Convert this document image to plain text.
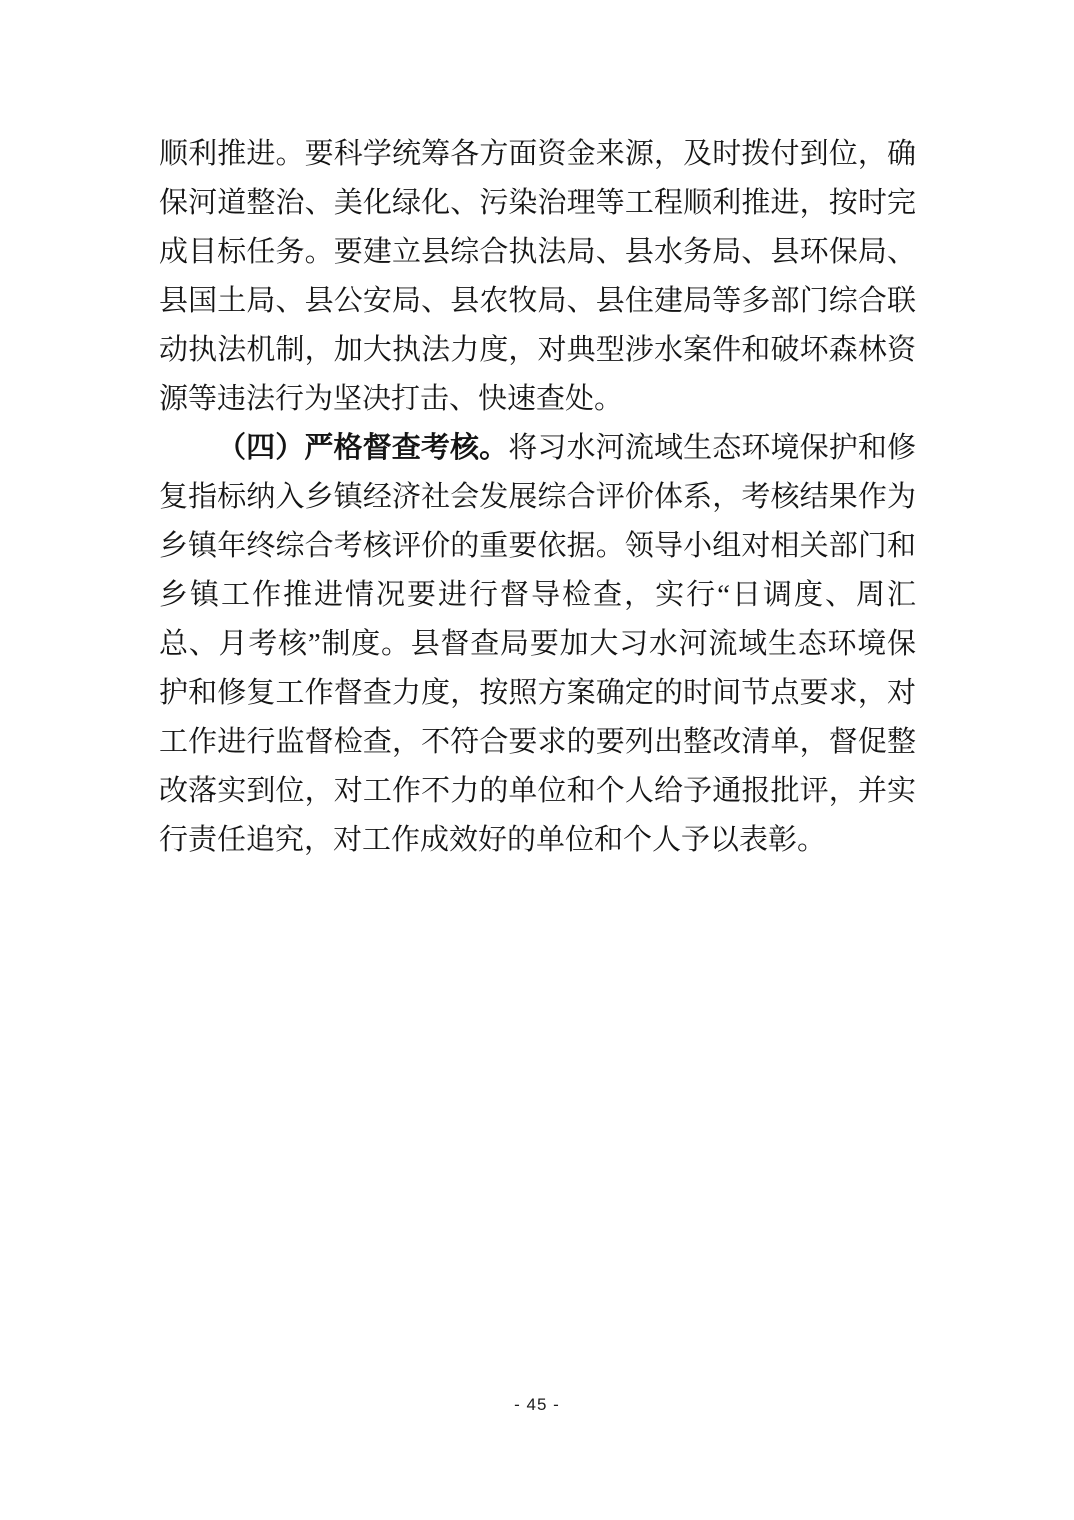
顺利推进。要科学统筹各方面资金来源，及时拨付到位，确保河道整治、美化绿化、污染治理等工程顺利推进，按时完成目标任务。要建立县综合执法局、县水务局、县环保局、县国土局、县公安局、县农牧局、县住建局等多部门综合联动执法机制，加大执法力度，对典型涉水案件和破坏森林资源等违法行为坚决打击、快速查处。

（四）严格督查考核。将习水河流域生态环境保护和修复指标纳入乡镇经济社会发展综合评价体系，考核结果作为乡镇年终综合考核评价的重要依据。领导小组对相关部门和乡镇工作推进情况要进行督导检查，实行“日调度、周汇总、月考核”制度。县督查局要加大习水河流域生态环境保护和修复工作督查力度，按照方案确定的时间节点要求，对工作进行监督检查，不符合要求的要列出整改清单，督促整改落实到位，对工作不力的单位和个人给予通报批评，并实行责任追究，对工作成效好的单位和个人予以表彰。

- 45 -
